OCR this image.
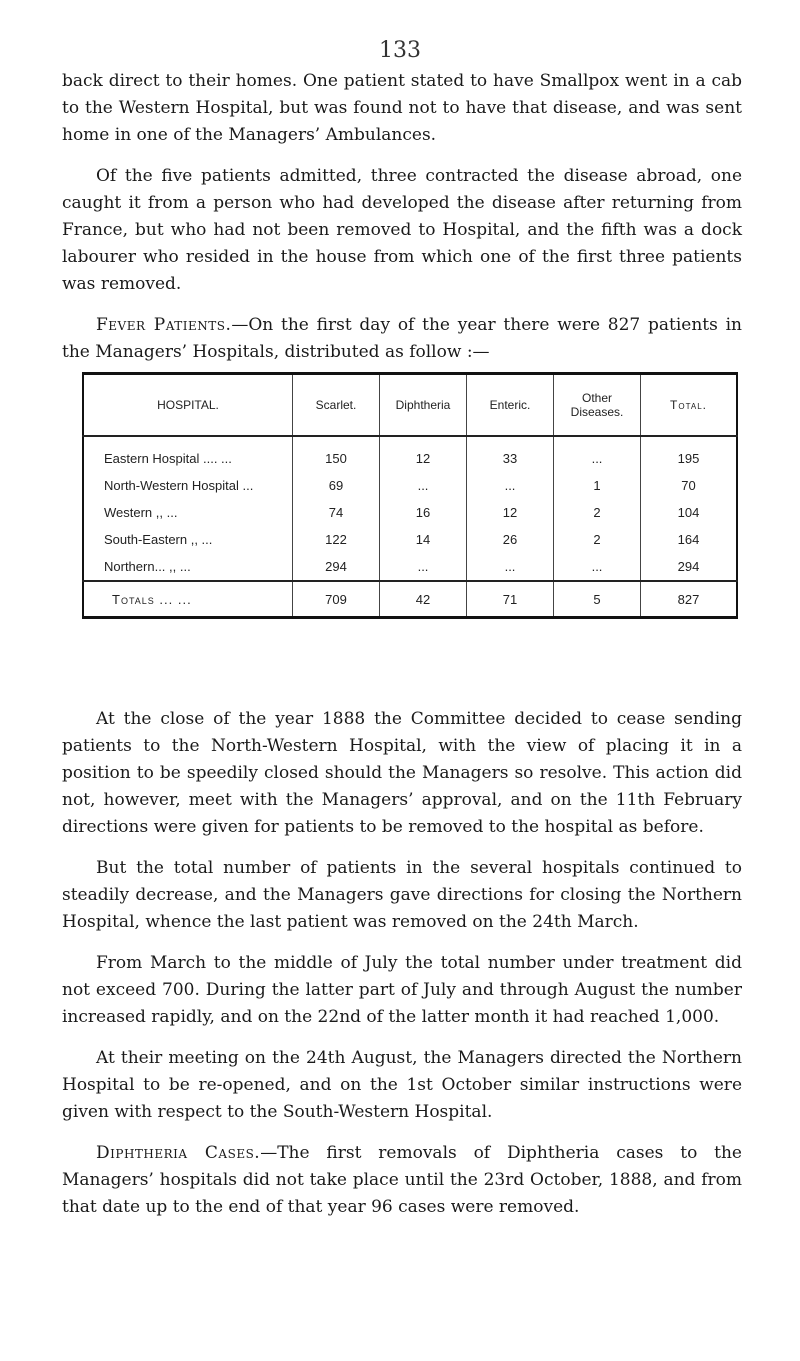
133

back direct to their homes. One patient stated to have Smallpox went in a cab to the Western Hospital, but was found not to have that disease, and was sent home in one of the Managers’ Ambulances.

Of the five patients admitted, three contracted the disease abroad, one caught it from a person who had developed the disease after returning from France, but who had not been removed to Hospital, and the fifth was a dock labourer who resided in the house from which one of the first three patients was removed.

Fever Patients.—On the first day of the year there were 827 patients in the Managers’ Hospitals, distributed as follow :—

HOSPITAL.	Scarlet.	Diphtheria	Enteric.	Other Diseases.	Total.
Eastern Hospital .... ...	150	12	33	...	195
North-Western Hospital ...	69	...	...	1	70
Western ,, ...	74	16	12	2	104
South-Eastern ,, ...	122	14	26	2	164
Northern... ,, ...	294	...	...	...	294
Totals ... ...	709	42	71	5	827

At the close of the year 1888 the Committee decided to cease sending patients to the North-Western Hospital, with the view of placing it in a position to be speedily closed should the Managers so resolve. This action did not, however, meet with the Managers’ approval, and on the 11th February directions were given for patients to be removed to the hospital as before.

But the total number of patients in the several hospitals continued to steadily decrease, and the Managers gave directions for closing the Northern Hospital, whence the last patient was removed on the 24th March.

From March to the middle of July the total number under treatment did not exceed 700. During the latter part of July and through August the number increased rapidly, and on the 22nd of the latter month it had reached 1,000.

At their meeting on the 24th August, the Managers directed the Northern Hospital to be re-opened, and on the 1st October similar instructions were given with respect to the South-Western Hospital.

Diphtheria Cases.—The first removals of Diphtheria cases to the Managers’ hospitals did not take place until the 23rd October, 1888, and from that date up to the end of that year 96 cases were removed.
